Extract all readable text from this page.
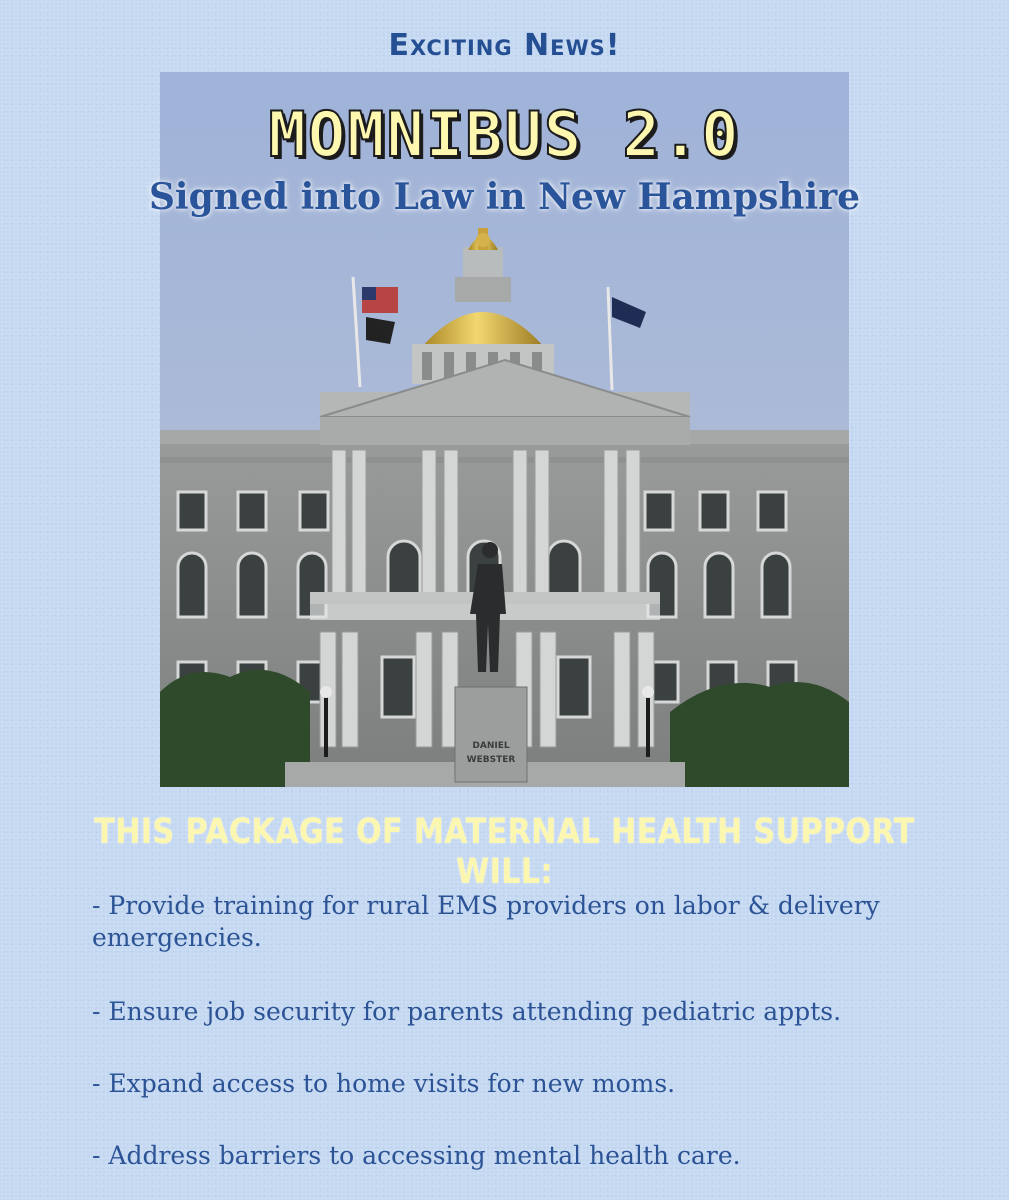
Exciting News!
DANIEL
WEBSTER
MOMNIBUS 2.0
Signed into Law in New Hampshire
THIS PACKAGE OF MATERNAL HEALTH SUPPORT WILL:
- Provide training for rural EMS providers on labor & delivery emergencies.
- Ensure job security for parents attending pediatric appts.
- Expand access to home visits for new moms.
- Address barriers to accessing mental health care.
